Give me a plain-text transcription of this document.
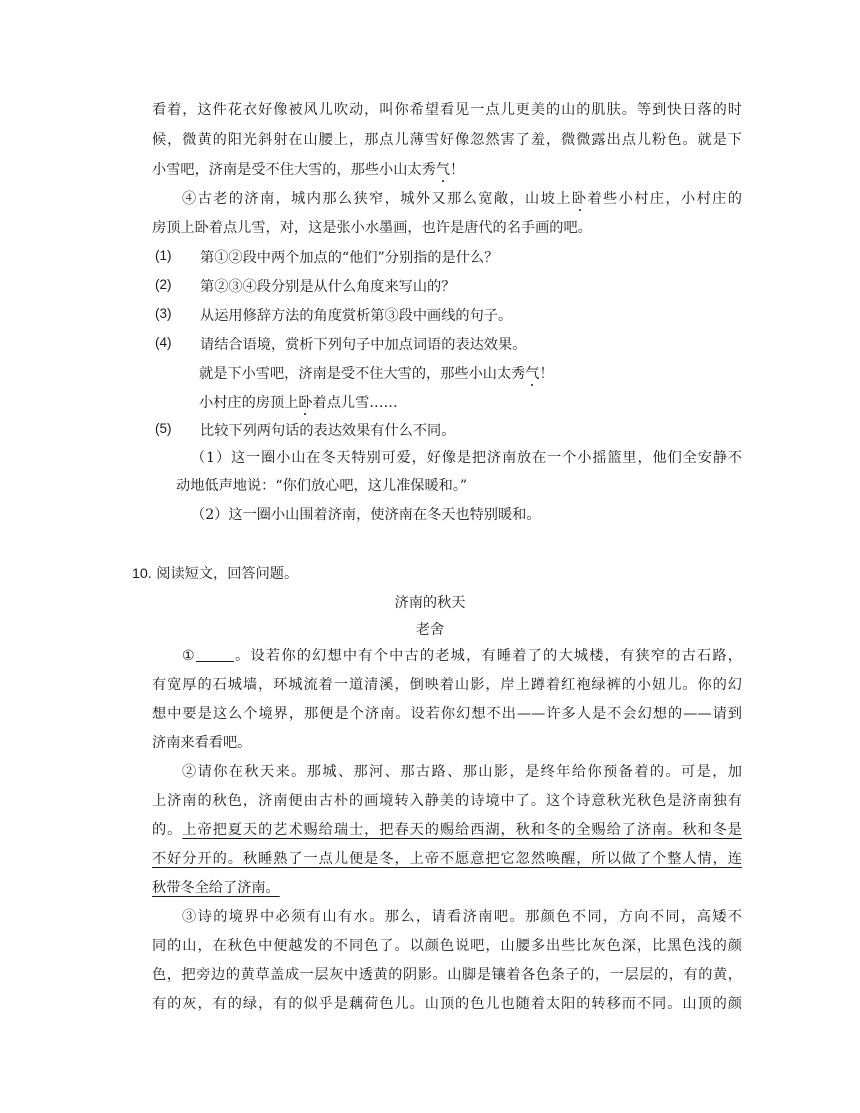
看着，这件花衣好像被风儿吹动，叫你希望看见一点儿更美的山的肌肤。等到快日落的时
候，微黄的阳光斜射在山腰上，那点儿薄雪好像忽然害了羞，微微露出点儿粉色。就是下
小雪吧，济南是受不住大雪的，那些小山太秀气！
④古老的济南，城内那么狭窄，城外又那么宽敞，山坡上卧着些小村庄，小村庄的
房顶上卧着点儿雪，对，这是张小水墨画，也许是唐代的名手画的吧。
(1) 第①②段中两个加点的“他们”分别指的是什么？
(2) 第②③④段分别是从什么角度来写山的？
(3) 从运用修辞方法的角度赏析第③段中画线的句子。
(4) 请结合语境，赏析下列句子中加点词语的表达效果。
就是下小雪吧，济南是受不住大雪的，那些小山太秀气！
小村庄的房顶上卧着点儿雪……
(5) 比较下列两句话的表达效果有什么不同。
（1）这一圈小山在冬天特别可爱，好像是把济南放在一个小摇篮里，他们全安静不
动地低声地说：“你们放心吧，这儿准保暖和。”
（2）这一圈小山围着济南，使济南在冬天也特别暖和。
10. 阅读短文，回答问题。
济南的秋天
老舍
①	。设若你的幻想中有个中古的老城，有睡着了的大城楼，有狭窄的古石路，
有宽厚的石城墙，环城流着一道清溪，倒映着山影，岸上蹲着红袍绿裤的小妞儿。你的幻
想中要是这么个境界，那便是个济南。设若你幻想不出——许多人是不会幻想的——请到
济南来看看吧。
②请你在秋天来。那城、那河、那古路、那山影，是终年给你预备着的。可是，加
上济南的秋色，济南便由古朴的画境转入静美的诗境中了。这个诗意秋光秋色是济南独有
的。上帝把夏天的艺术赐给瑞士，把春天的赐给西湖，秋和冬的全赐给了济南。秋和冬是
不好分开的。秋睡熟了一点儿便是冬，上帝不愿意把它忽然唤醒，所以做了个整人情，连
秋带冬全给了济南。
③诗的境界中必须有山有水。那么，请看济南吧。那颜色不同，方向不同，高矮不
同的山，在秋色中便越发的不同色了。以颜色说吧，山腰多出些比灰色深，比黑色浅的颜
色，把旁边的黄草盖成一层灰中透黄的阴影。山脚是镶着各色条子的，一层层的，有的黄，
有的灰，有的绿，有的似乎是藕荷色儿。山顶的色儿也随着太阳的转移而不同。山顶的颜
